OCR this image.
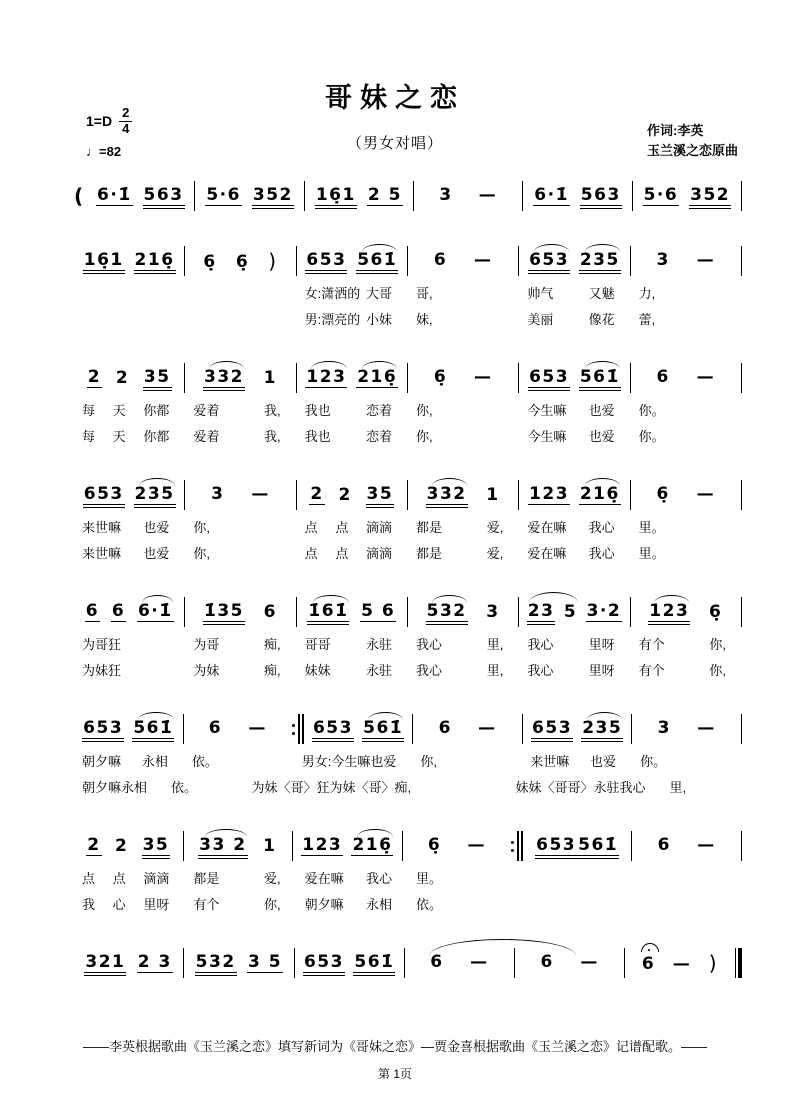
哥妹之恋
（男女对唱）
$1=D \frac{2}{4}$
♩=82
作词:李英
玉兰溪之恋原曲
( 6·1̇ 563 5·6 352 16̣1 2 5 3 — 6·1̇ 563 5·6 352
16̣1 216̣ 6̣ 6̣ ) 653 561̇ 6 — 653 235 3 —
女:潇洒的 大哥 哥,	帅气	又魅 力,
男:漂亮的 小妹 妹,	美丽	像花 蕾,
2 2 35 332 1 123 216̣ 6̣ — 653 561̇ 6 —
每 天 你都 爱着	我, 我也	恋着 你,	今生嘛 也爱 你。
每 天 你都 爱着	我, 我也	恋着 你,	今生嘛 也爱 你。
653 235 3 — 2 2 35 332 1 123 216̣ 6̣ —
来世嘛 也爱 你,	点 点 滴滴 都是	爱, 爱在嘛 我心 里。
来世嘛 也爱 你,	点 点 滴滴 都是	爱, 爱在嘛 我心 里。
6 6 6·1̇ 1̇35 6 1̇61̇ 5 6 532 3 23 5 3·2 123 6̣
为哥狂	为哥	痴, 哥哥	永驻 我心	里, 我心	里呀 有个	你,
为妹狂	为妹	痴, 妹妹	永驻 我心	里, 我心	里呀 有个	你,
653 561̇ 6 —	653 561̇ 6 — 653 235 3 —
朝夕嘛 永相 依。	男女:今生嘛 也爱 你,	来世嘛 也爱 你。
朝夕嘛 永相 依。	为妹〈哥〉狂为妹〈哥〉痴,	妹妹〈哥哥〉永驻我心 里,
2 2 35 33 2 1 123 216̣ 6̣ —	653 561̇ 6 —
点 点 滴滴 都是	爱, 爱在嘛 我心 里。
我 心 里呀 有个	你, 朝夕嘛 永相 依。
321 2 3 532 3 5 653 561̇ 6 —	6 —	6 — )
——李英根据歌曲《玉兰溪之恋》填写新词为《哥妹之恋》—贾金喜根据歌曲《玉兰溪之恋》记谱配歌。——
第 1页
